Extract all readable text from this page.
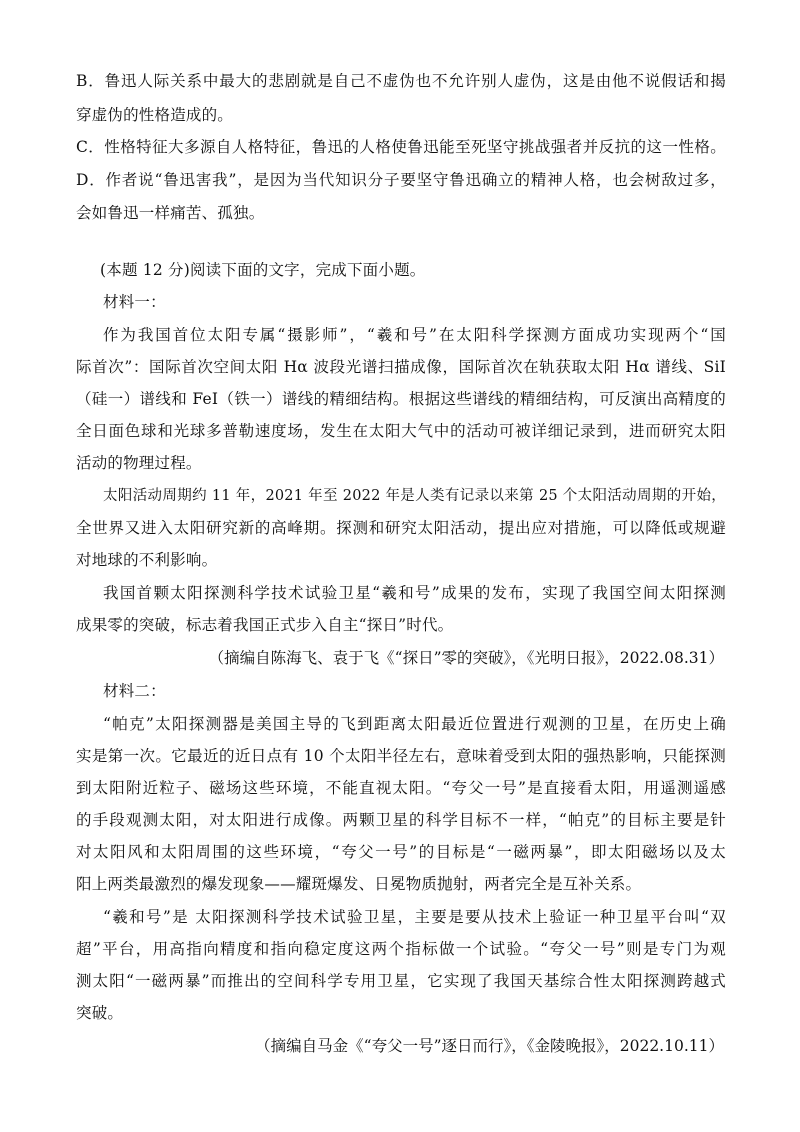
B．鲁迅人际关系中最大的悲剧就是自己不虚伪也不允许别人虚伪，这是由他不说假话和揭
穿虚伪的性格造成的。
C．性格特征大多源自人格特征，鲁迅的人格使鲁迅能至死坚守挑战强者并反抗的这一性格。
D．作者说“鲁迅害我”，是因为当代知识分子要坚守鲁迅确立的精神人格，也会树敌过多，
会如鲁迅一样痛苦、孤独。
(本题 12 分)阅读下面的文字，完成下面小题。
材料一：
作为我国首位太阳专属“摄影师”，“羲和号”在太阳科学探测方面成功实现两个“国
际首次”：国际首次空间太阳 Hα 波段光谱扫描成像，国际首次在轨获取太阳 Hα 谱线、SiI
（硅一）谱线和 FeI（铁一）谱线的精细结构。根据这些谱线的精细结构，可反演出高精度的
全日面色球和光球多普勒速度场，发生在太阳大气中的活动可被详细记录到，进而研究太阳
活动的物理过程。
太阳活动周期约 11 年，2021 年至 2022 年是人类有记录以来第 25 个太阳活动周期的开始，
全世界又进入太阳研究新的高峰期。探测和研究太阳活动，提出应对措施，可以降低或规避
对地球的不利影响。
我国首颗太阳探测科学技术试验卫星“羲和号”成果的发布，实现了我国空间太阳探测
成果零的突破，标志着我国正式步入自主“探日”时代。
（摘编自陈海飞、袁于飞《“探日”零的突破》，《光明日报》，2022.08.31）
材料二：
“帕克”太阳探测器是美国主导的飞到距离太阳最近位置进行观测的卫星，在历史上确
实是第一次。它最近的近日点有 10 个太阳半径左右，意味着受到太阳的强热影响，只能探测
到太阳附近粒子、磁场这些环境，不能直视太阳。“夸父一号”是直接看太阳，用遥测遥感
的手段观测太阳，对太阳进行成像。两颗卫星的科学目标不一样，“帕克”的目标主要是针
对太阳风和太阳周围的这些环境，“夸父一号”的目标是“一磁两暴”，即太阳磁场以及太
阳上两类最激烈的爆发现象——耀斑爆发、日冕物质抛射，两者完全是互补关系。
“羲和号”是 太阳探测科学技术试验卫星，主要是要从技术上验证一种卫星平台叫“双
超”平台，用高指向精度和指向稳定度这两个指标做一个试验。“夸父一号”则是专门为观
测太阳“一磁两暴”而推出的空间科学专用卫星，它实现了我国天基综合性太阳探测跨越式
突破。
（摘编自马金《“夸父一号”逐日而行》，《金陵晚报》，2022.10.11）
